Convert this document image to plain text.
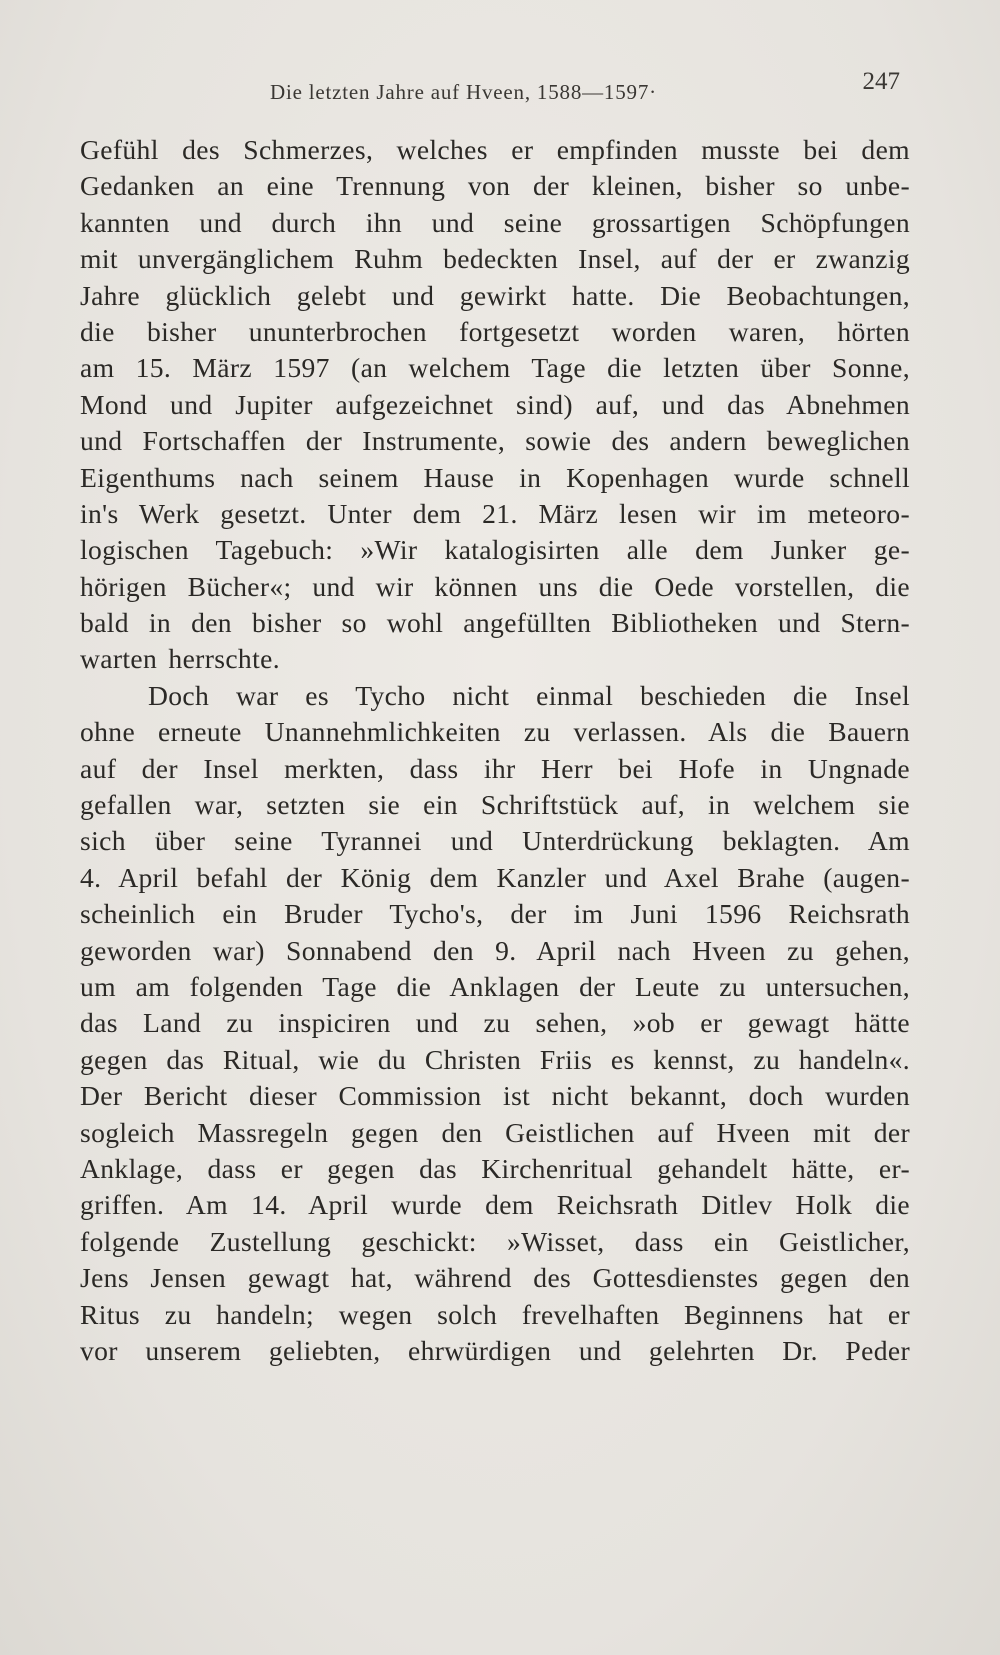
Die letzten Jahre auf Hveen, 1588—1597·	247
Gefühl des Schmerzes, welches er empfinden musste bei dem
Gedanken an eine Trennung von der kleinen, bisher so unbe-
kannten und durch ihn und seine grossartigen Schöpfungen
mit unvergänglichem Ruhm bedeckten Insel, auf der er zwanzig
Jahre glücklich gelebt und gewirkt hatte. Die Beobachtungen,
die bisher ununterbrochen fortgesetzt worden waren, hörten
am 15. März 1597 (an welchem Tage die letzten über Sonne,
Mond und Jupiter aufgezeichnet sind) auf, und das Abnehmen
und Fortschaffen der Instrumente, sowie des andern beweglichen
Eigenthums nach seinem Hause in Kopenhagen wurde schnell
in's Werk gesetzt. Unter dem 21. März lesen wir im meteoro-
logischen Tagebuch: »Wir katalogisirten alle dem Junker ge-
hörigen Bücher«; und wir können uns die Oede vorstellen, die
bald in den bisher so wohl angefüllten Bibliotheken und Stern-
warten herrschte.
Doch war es Tycho nicht einmal beschieden die Insel
ohne erneute Unannehmlichkeiten zu verlassen. Als die Bauern
auf der Insel merkten, dass ihr Herr bei Hofe in Ungnade
gefallen war, setzten sie ein Schriftstück auf, in welchem sie
sich über seine Tyrannei und Unterdrückung beklagten. Am
4. April befahl der König dem Kanzler und Axel Brahe (augen-
scheinlich ein Bruder Tycho's, der im Juni 1596 Reichsrath
geworden war) Sonnabend den 9. April nach Hveen zu gehen,
um am folgenden Tage die Anklagen der Leute zu untersuchen,
das Land zu inspiciren und zu sehen, »ob er gewagt hätte
gegen das Ritual, wie du Christen Friis es kennst, zu handeln«.
Der Bericht dieser Commission ist nicht bekannt, doch wurden
sogleich Massregeln gegen den Geistlichen auf Hveen mit der
Anklage, dass er gegen das Kirchenritual gehandelt hätte, er-
griffen. Am 14. April wurde dem Reichsrath Ditlev Holk die
folgende Zustellung geschickt: »Wisset, dass ein Geistlicher,
Jens Jensen gewagt hat, während des Gottesdienstes gegen den
Ritus zu handeln; wegen solch frevelhaften Beginnens hat er
vor unserem geliebten, ehrwürdigen und gelehrten Dr. Peder
